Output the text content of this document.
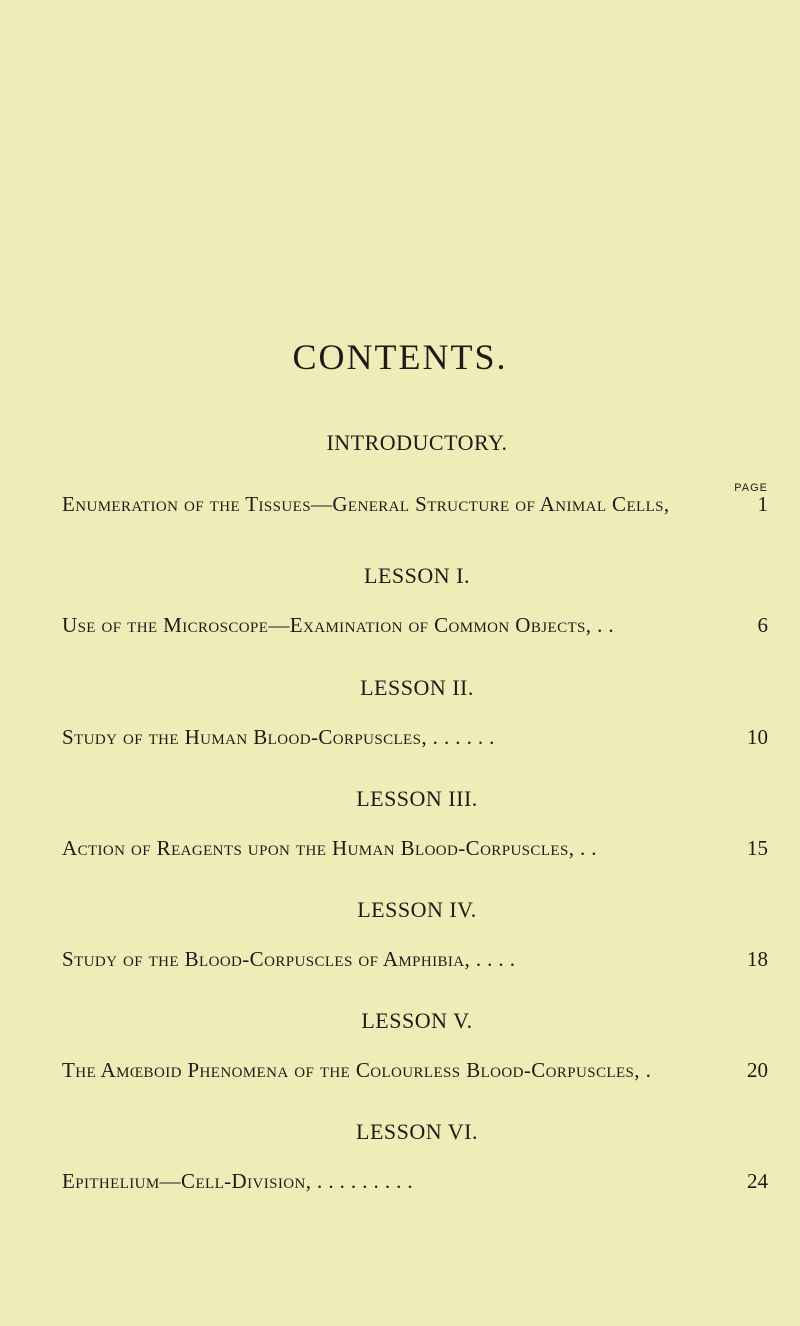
CONTENTS.
INTRODUCTORY.
PAGE
Enumeration of the Tissues—General Structure of Animal Cells,	1
LESSON I.
Use of the Microscope—Examination of Common Objects, . .	6
LESSON II.
Study of the Human Blood-Corpuscles, . . . . . .	10
LESSON III.
Action of Reagents upon the Human Blood-Corpuscles, . .	15
LESSON IV.
Study of the Blood-Corpuscles of Amphibia, . . . .	18
LESSON V.
The Amœboid Phenomena of the Colourless Blood-Corpuscles, .	20
LESSON VI.
Epithelium—Cell-Division, . . . . . . . . .	24
